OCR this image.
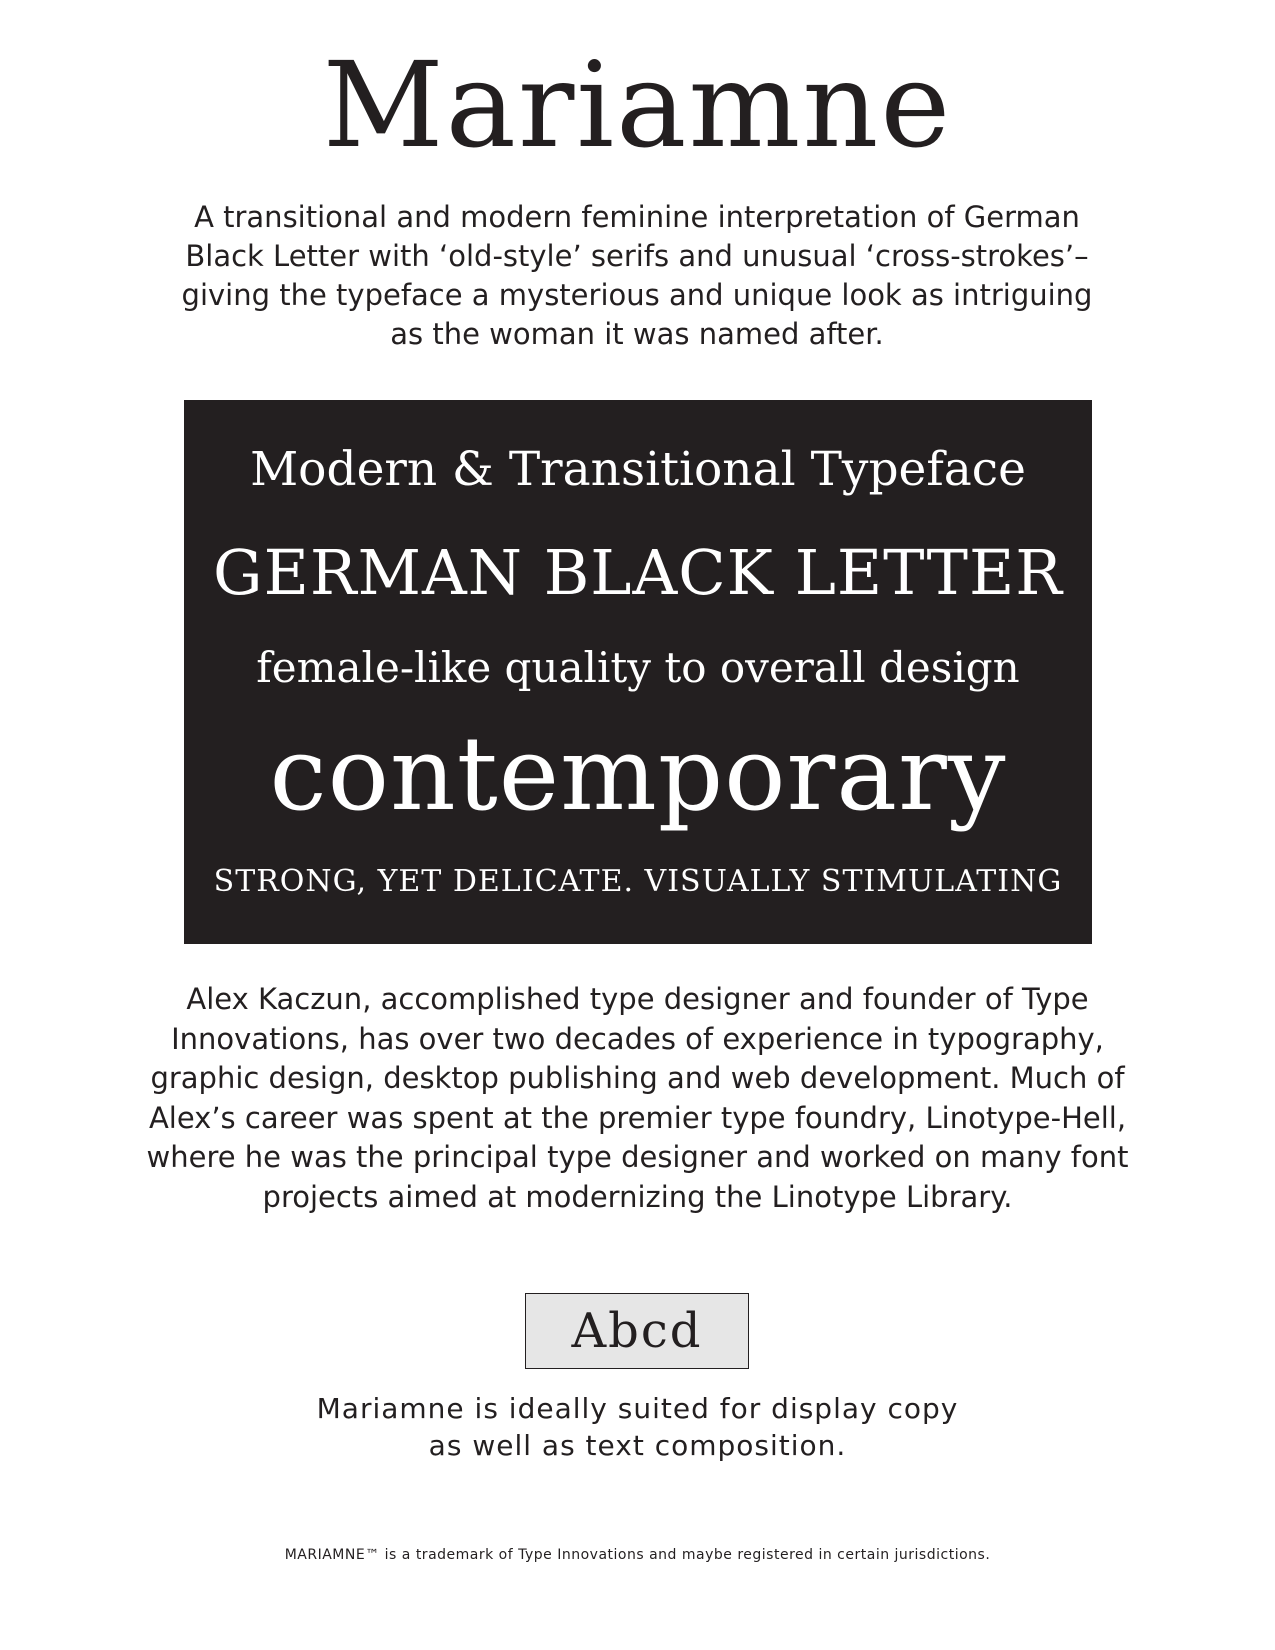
Mariamne
A transitional and modern feminine interpretation of German
Black Letter with ‘old-style’ serifs and unusual ‘cross-strokes’–
giving the typeface a mysterious and unique look as intriguing
as the woman it was named after.
Modern & Transitional Typeface
GERMAN BLACK LETTER
female-like quality to overall design
contemporary
STRONG, YET DELICATE. VISUALLY STIMULATING
Alex Kaczun, accomplished type designer and founder of Type
Innovations, has over two decades of experience in typography,
graphic design, desktop publishing and web development. Much of
Alex’s career was spent at the premier type foundry, Linotype-Hell,
where he was the principal type designer and worked on many font
projects aimed at modernizing the Linotype Library.
Abcd
Mariamne is ideally suited for display copy
as well as text composition.
MARIAMNE™ is a trademark of Type Innovations and maybe registered in certain jurisdictions.
